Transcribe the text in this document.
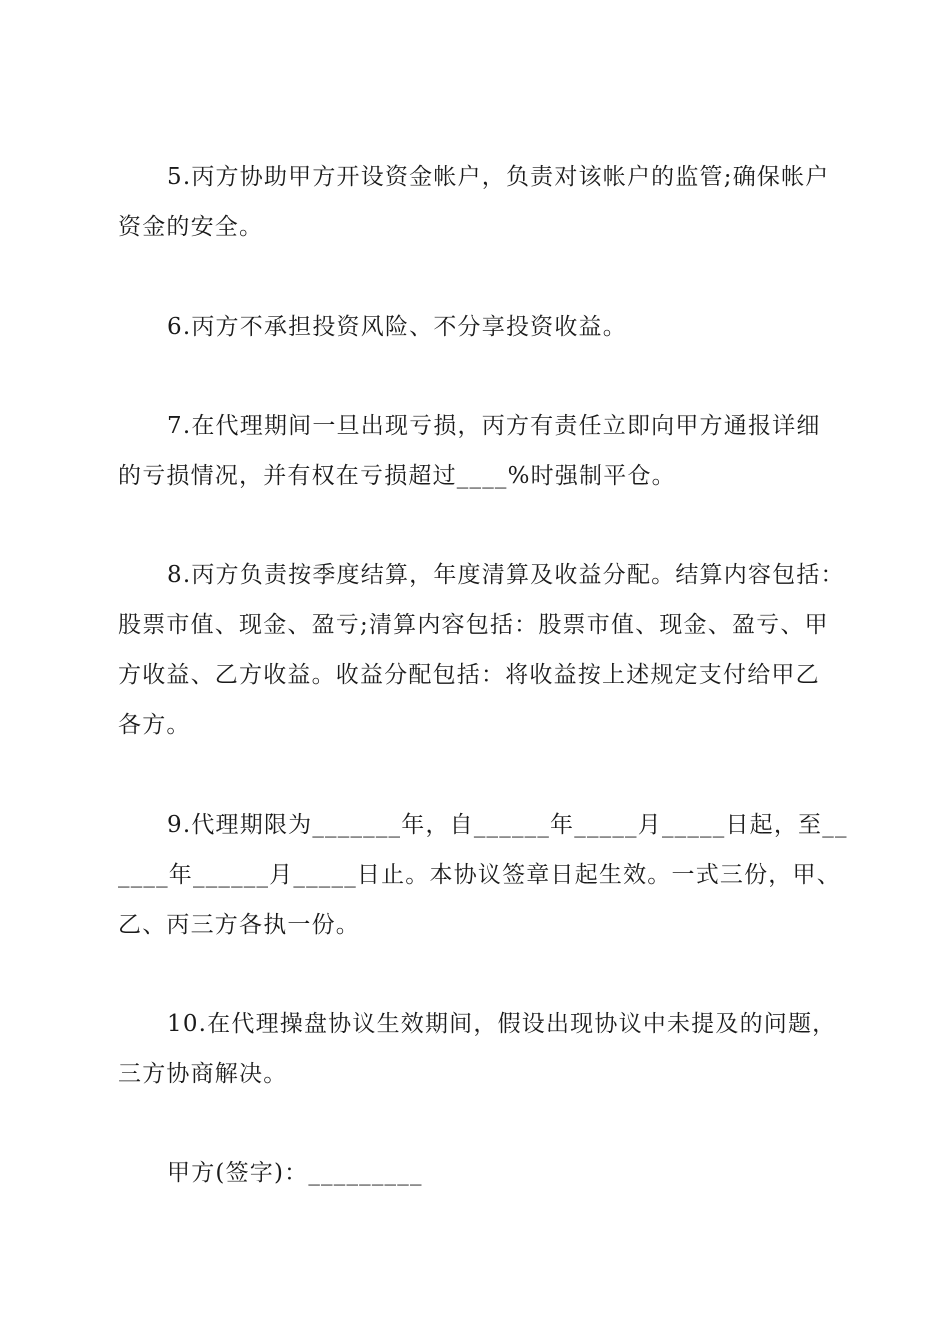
5.丙方协助甲方开设资金帐户，负责对该帐户的监管;确保帐户
资金的安全。

6.丙方不承担投资风险、不分享投资收益。

7.在代理期间一旦出现亏损，丙方有责任立即向甲方通报详细
的亏损情况，并有权在亏损超过____%时强制平仓。

8.丙方负责按季度结算，年度清算及收益分配。结算内容包括：
股票市值、现金、盈亏;清算内容包括：股票市值、现金、盈亏、甲
方收益、乙方收益。收益分配包括：将收益按上述规定支付给甲乙
各方。

9.代理期限为_______年，自______年_____月_____日起，至__
____年______月_____日止。本协议签章日起生效。一式三份，甲、
乙、丙三方各执一份。

10.在代理操盘协议生效期间，假设出现协议中未提及的问题，
三方协商解决。

甲方(签字)：_________
